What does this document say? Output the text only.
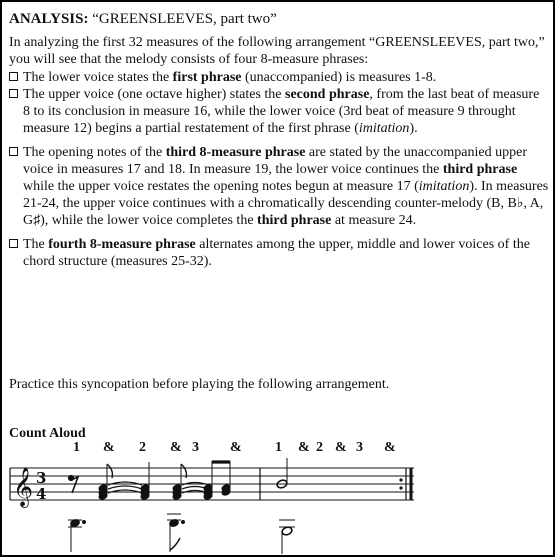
ANALYSIS: “GREENSLEEVES, part two”

In analyzing the first 32 measures of the following arrangement “GREENSLEEVES, part two,” you will see that the melody consists of four 8-measure phrases:

The lower voice states the first phrase (unaccompanied) is measures 1-8.

The upper voice (one octave higher) states the second phrase, from the last beat of measure 8 to its conclusion in measure 16, while the lower voice (3rd beat of measure 9 throught measure 12) begins a partial restatement of the first phrase (imitation).

The opening notes of the third 8-measure phrase are stated by the unaccompanied upper voice in measures 17 and 18. In measure 19, the lower voice continues the third phrase while the upper voice restates the opening notes begun at measure 17 (imitation). In measures 21-24, the upper voice continues with a chromatically descending counter-melody (B, B♭, A, G♯), while the lower voice completes the third phrase at measure 24.

The fourth 8-measure phrase alternates among the upper, middle and lower voices of the chord structure (measures 25-32).

Practice this syncopation before playing the following arrangement.
Count Aloud
1 & 2 & 3 & 1 & 2 & 3 &
𝄞 3
4
